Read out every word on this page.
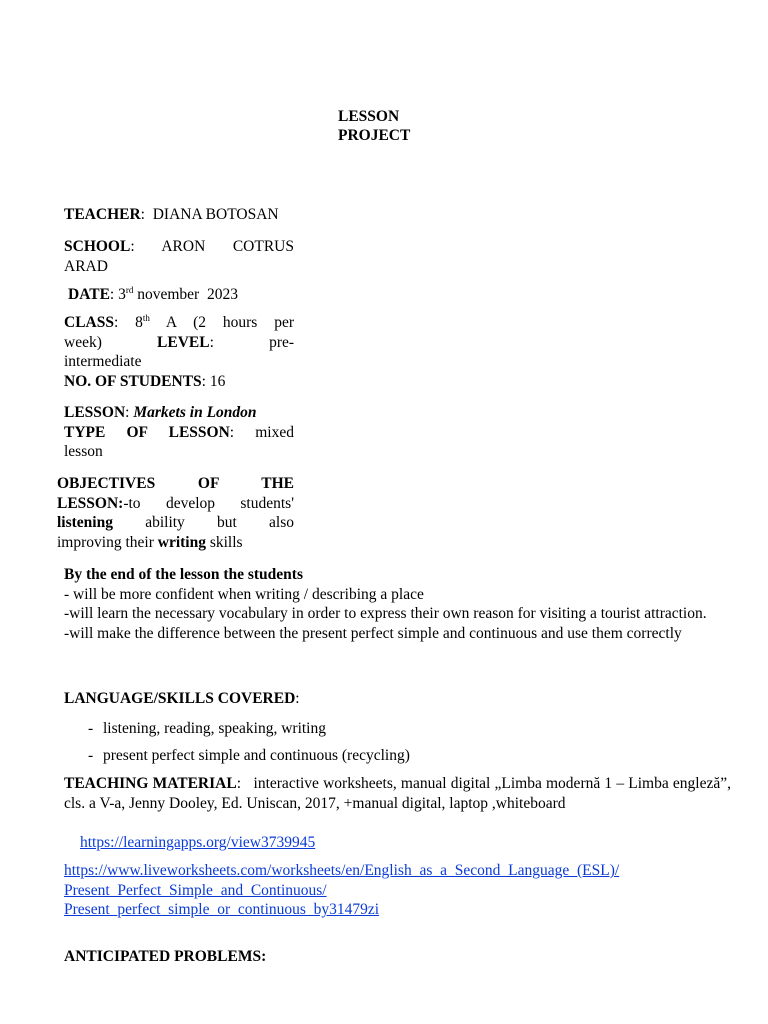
LESSON
PROJECT
TEACHER:  DIANA BOTOSAN
SCHOOL: ARON COTRUS
ARAD
DATE: 3rd november  2023
CLASS: 8th A (2 hours per
week)	LEVEL: pre-
intermediate
NO. OF STUDENTS: 16
LESSON: Markets in London
TYPE OF LESSON: mixed
lesson
OBJECTIVES OF THE
LESSON:-to develop students'
listening ability but also
improving their writing skills
By the end of the lesson the students
- will be more confident when writing / describing a place
-will learn the necessary vocabulary in order to express their own reason for visiting a tourist attraction.
-will make the difference between the present perfect simple and continuous and use them correctly
LANGUAGE/SKILLS COVERED:
- listening, reading, speaking, writing
- present perfect simple and continuous (recycling)
TEACHING MATERIAL:   interactive worksheets, manual digital „Limba modernă 1 – Limba engleză”, cls. a V-a, Jenny Dooley, Ed. Uniscan, 2017, +manual digital, laptop ,whiteboard
https://learningapps.org/view3739945
https://www.liveworksheets.com/worksheets/en/English_as_a_Second_Language_(ESL)/
Present_Perfect_Simple_and_Continuous/
Present_perfect_simple_or_continuous_by31479zi
ANTICIPATED PROBLEMS:
